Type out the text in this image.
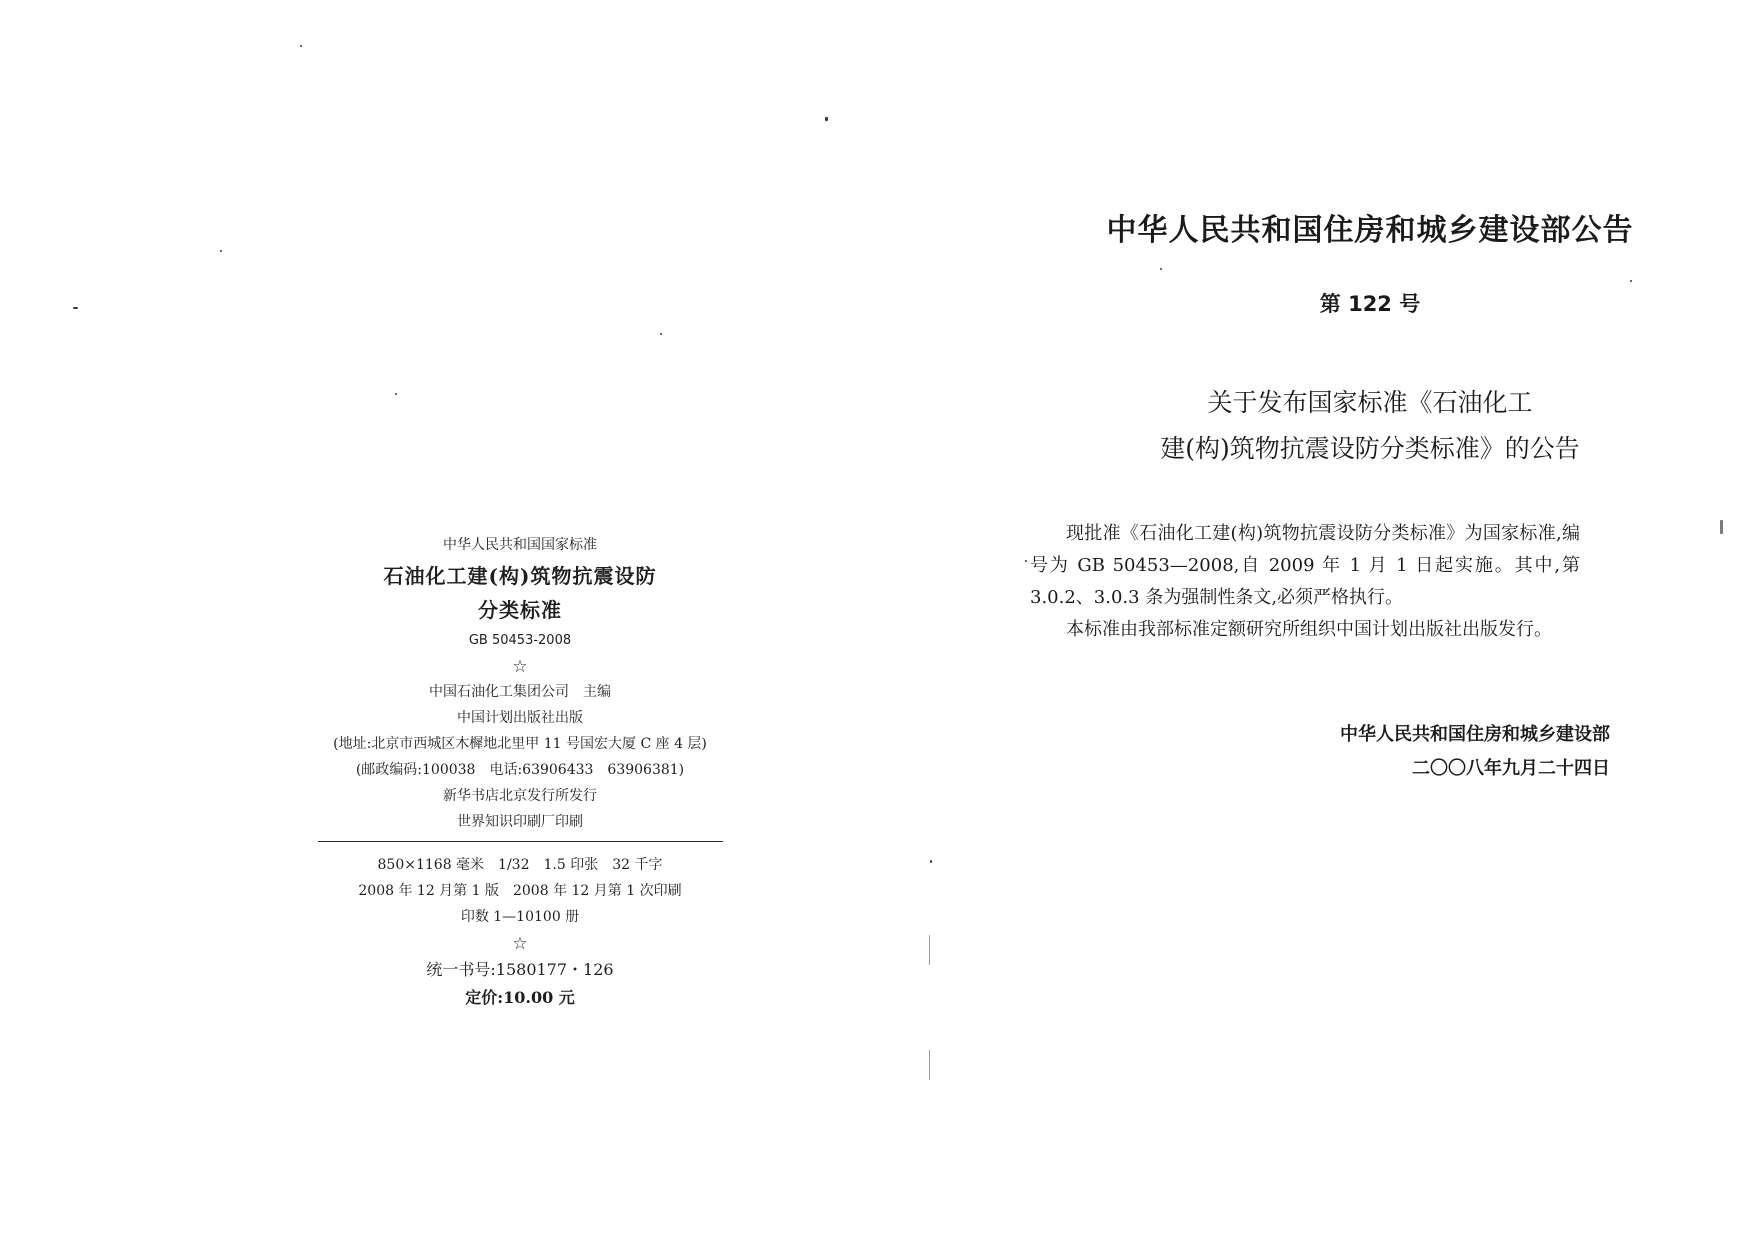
中华人民共和国国家标准
石油化工建(构)筑物抗震设防
分类标准
GB 50453-2008
☆
中国石油化工集团公司　主编
中国计划出版社出版
(地址:北京市西城区木樨地北里甲 11 号国宏大厦 C 座 4 层)
(邮政编码:100038　电话:63906433　63906381)
新华书店北京发行所发行
世界知识印刷厂印刷
850×1168 毫米　1/32　1.5 印张　32 千字
2008 年 12 月第 1 版　2008 年 12 月第 1 次印刷
印数 1—10100 册
☆
统一书号:1580177・126
定价:10.00 元
中华人民共和国住房和城乡建设部公告
第 122 号
关于发布国家标准《石油化工
建(构)筑物抗震设防分类标准》的公告

现批准《石油化工建(构)筑物抗震设防分类标准》为国家标准,编号为 GB 50453—2008,自 2009 年 1 月 1 日起实施。其中,第 3.0.2、3.0.3 条为强制性条文,必须严格执行。

本标准由我部标准定额研究所组织中国计划出版社出版发行。

中华人民共和国住房和城乡建设部
二〇〇八年九月二十四日
